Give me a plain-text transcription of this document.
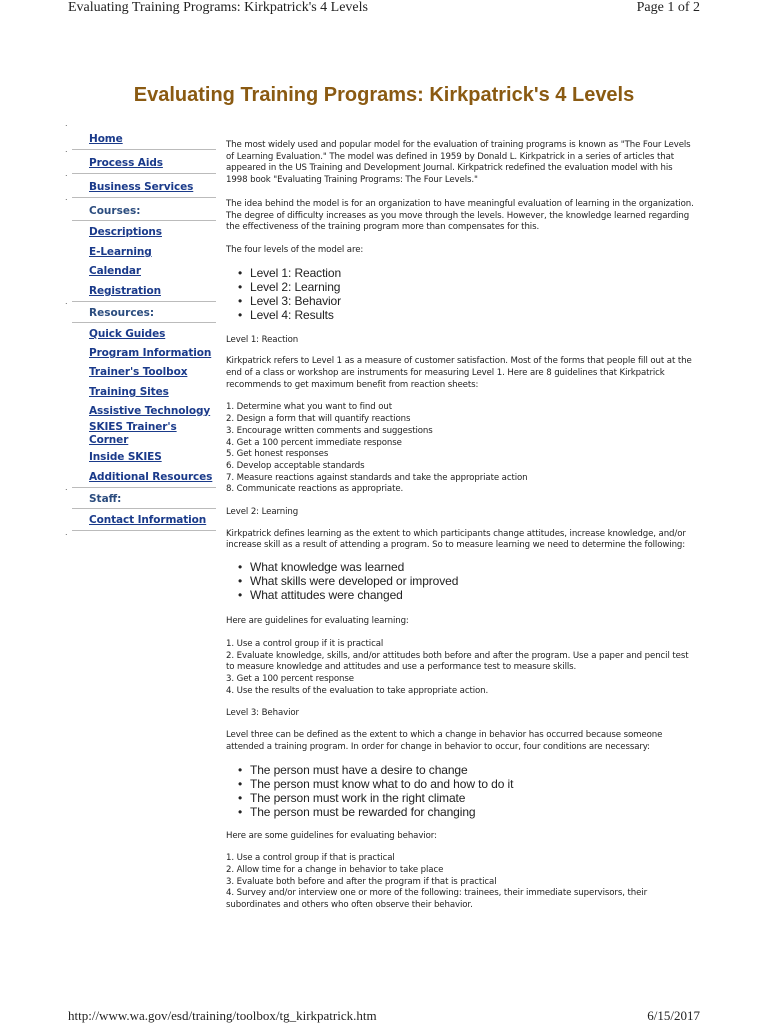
Evaluating Training Programs: Kirkpatrick's 4 Levels	Page 1 of 2
Evaluating Training Programs: Kirkpatrick's 4 Levels
.
Home
.
Process Aids
.
Business Services
.
Courses:
Descriptions
E-Learning
Calendar
Registration
.
Resources:
Quick Guides
Program Information
Trainer's Toolbox
Training Sites
Assistive Technology
SKIES Trainer's Corner
Inside SKIES
Additional Resources
.
Staff:
Contact Information
.

The most widely used and popular model for the evaluation of training programs is known as "The Four Levels of Learning Evaluation." The model was defined in 1959 by Donald L. Kirkpatrick in a series of articles that appeared in the US Training and Development Journal. Kirkpatrick redefined the evaluation model with his 1998 book "Evaluating Training Programs: The Four Levels."

The idea behind the model is for an organization to have meaningful evaluation of learning in the organization. The degree of difficulty increases as you move through the levels. However, the knowledge learned regarding the effectiveness of the training program more than compensates for this.

The four levels of the model are:

• Level 1: Reaction
• Level 2: Learning
• Level 3: Behavior
• Level 4: Results

Level 1: Reaction

Kirkpatrick refers to Level 1 as a measure of customer satisfaction. Most of the forms that people fill out at the end of a class or workshop are instruments for measuring Level 1. Here are 8 guidelines that Kirkpatrick recommends to get maximum benefit from reaction sheets:

1. Determine what you want to find out
2. Design a form that will quantify reactions
3. Encourage written comments and suggestions
4. Get a 100 percent immediate response
5. Get honest responses
6. Develop acceptable standards
7. Measure reactions against standards and take the appropriate action
8. Communicate reactions as appropriate.

Level 2: Learning

Kirkpatrick defines learning as the extent to which participants change attitudes, increase knowledge, and/or increase skill as a result of attending a program. So to measure learning we need to determine the following:

• What knowledge was learned
• What skills were developed or improved
• What attitudes were changed

Here are guidelines for evaluating learning:

1. Use a control group if it is practical
2. Evaluate knowledge, skills, and/or attitudes both before and after the program. Use a paper and pencil test to measure knowledge and attitudes and use a performance test to measure skills.
3. Get a 100 percent response
4. Use the results of the evaluation to take appropriate action.

Level 3: Behavior

Level three can be defined as the extent to which a change in behavior has occurred because someone attended a training program. In order for change in behavior to occur, four conditions are necessary:

• The person must have a desire to change
• The person must know what to do and how to do it
• The person must work in the right climate
• The person must be rewarded for changing

Here are some guidelines for evaluating behavior:

1. Use a control group if that is practical
2. Allow time for a change in behavior to take place
3. Evaluate both before and after the program if that is practical
4. Survey and/or interview one or more of the following: trainees, their immediate supervisors, their subordinates and others who often observe their behavior.
http://www.wa.gov/esd/training/toolbox/tg_kirkpatrick.htm	6/15/2017
